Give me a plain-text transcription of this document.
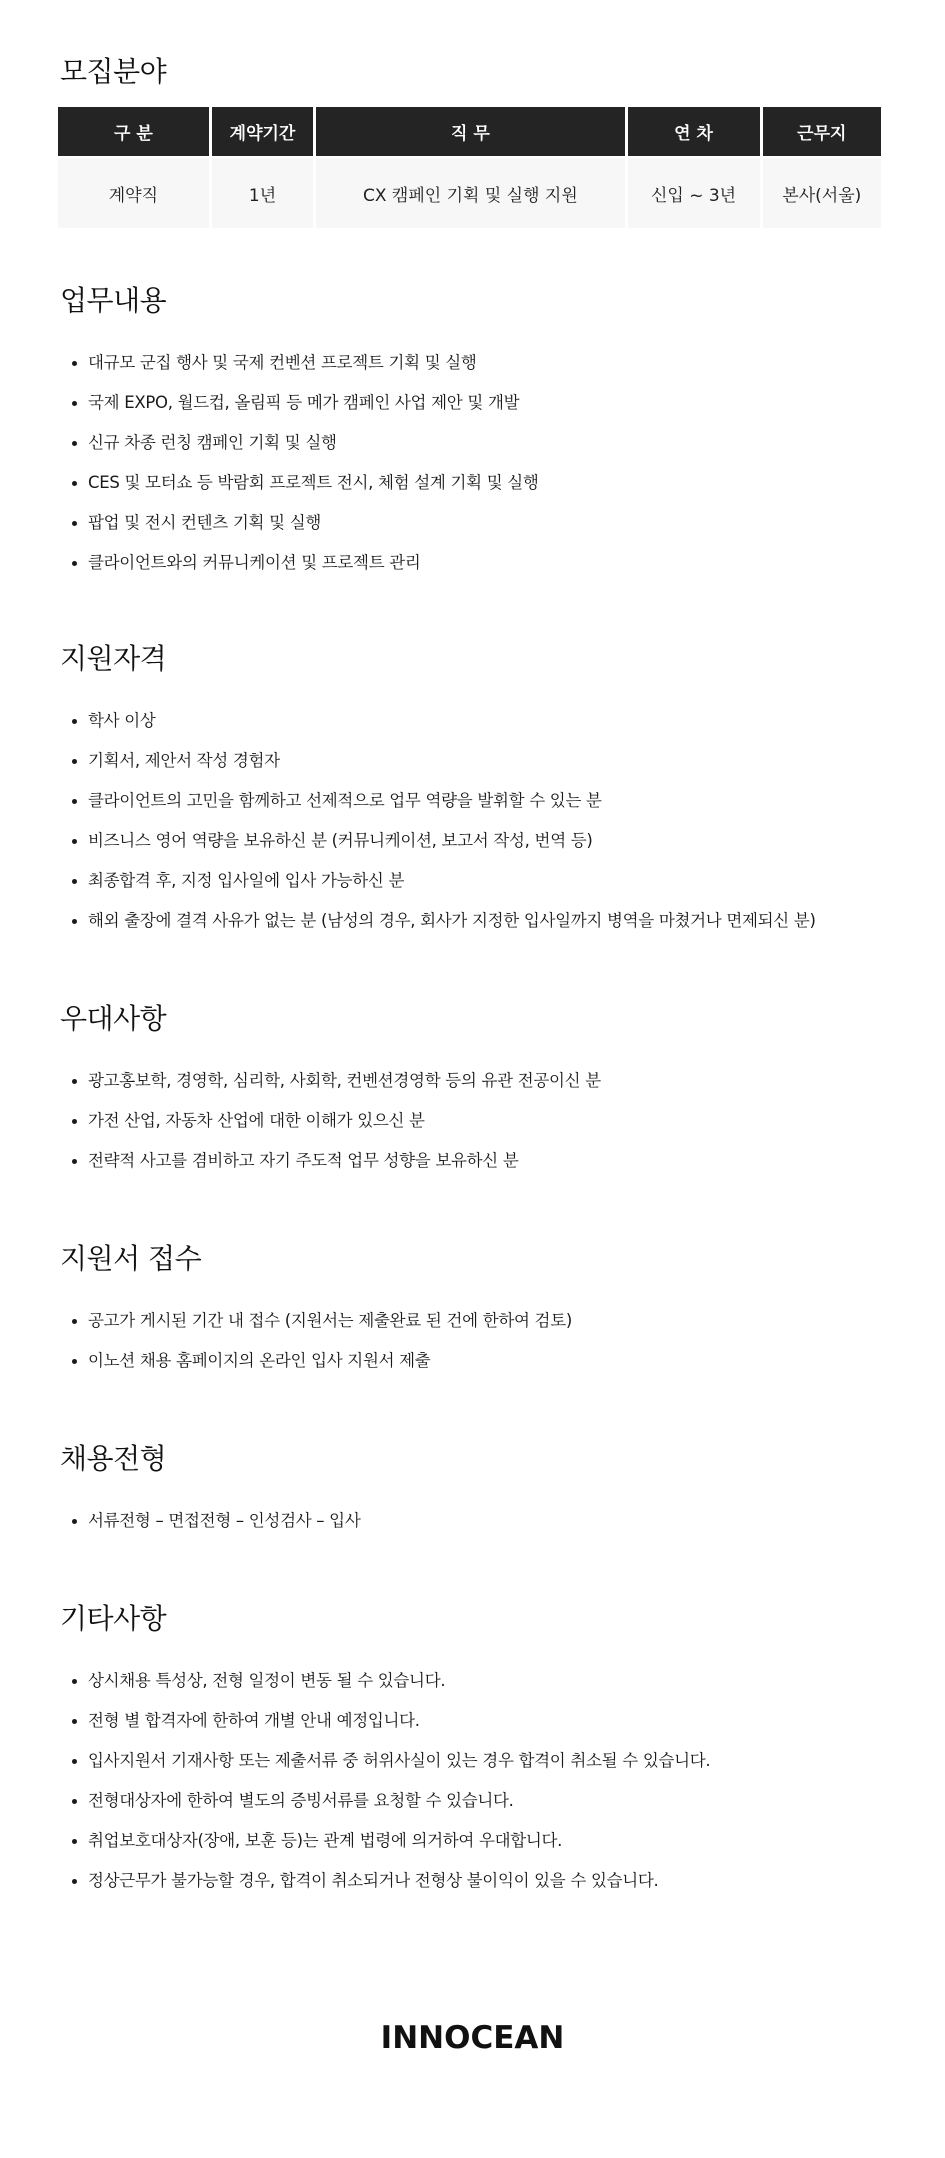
모집분야
구 분	계약기간	직 무	연 차	근무지
계약직	1년	CX 캠페인 기획 및 실행 지원	신입 ~ 3년	본사(서울)
업무내용
대규모 군집 행사 및 국제 컨벤션 프로젝트 기획 및 실행
국제 EXPO, 월드컵, 올림픽 등 메가 캠페인 사업 제안 및 개발
신규 차종 런칭 캠페인 기획 및 실행
CES 및 모터쇼 등 박람회 프로젝트 전시, 체험 설계 기획 및 실행
팝업 및 전시 컨텐츠 기획 및 실행
클라이언트와의 커뮤니케이션 및 프로젝트 관리
지원자격
학사 이상
기획서, 제안서 작성 경험자
클라이언트의 고민을 함께하고 선제적으로 업무 역량을 발휘할 수 있는 분
비즈니스 영어 역량을 보유하신 분 (커뮤니케이션, 보고서 작성, 번역 등)
최종합격 후, 지정 입사일에 입사 가능하신 분
해외 출장에 결격 사유가 없는 분 (남성의 경우, 회사가 지정한 입사일까지 병역을 마쳤거나 면제되신 분)
우대사항
광고홍보학, 경영학, 심리학, 사회학, 컨벤션경영학 등의 유관 전공이신 분
가전 산업, 자동차 산업에 대한 이해가 있으신 분
전략적 사고를 겸비하고 자기 주도적 업무 성향을 보유하신 분
지원서 접수
공고가 게시된 기간 내 접수 (지원서는 제출완료 된 건에 한하여 검토)
이노션 채용 홈페이지의 온라인 입사 지원서 제출
채용전형
서류전형 – 면접전형 – 인성검사 – 입사
기타사항
상시채용 특성상, 전형 일정이 변동 될 수 있습니다.
전형 별 합격자에 한하여 개별 안내 예정입니다.
입사지원서 기재사항 또는 제출서류 중 허위사실이 있는 경우 합격이 취소될 수 있습니다.
전형대상자에 한하여 별도의 증빙서류를 요청할 수 있습니다.
취업보호대상자(장애, 보훈 등)는 관계 법령에 의거하여 우대합니다.
정상근무가 불가능할 경우, 합격이 취소되거나 전형상 불이익이 있을 수 있습니다.
INNOCEAN
